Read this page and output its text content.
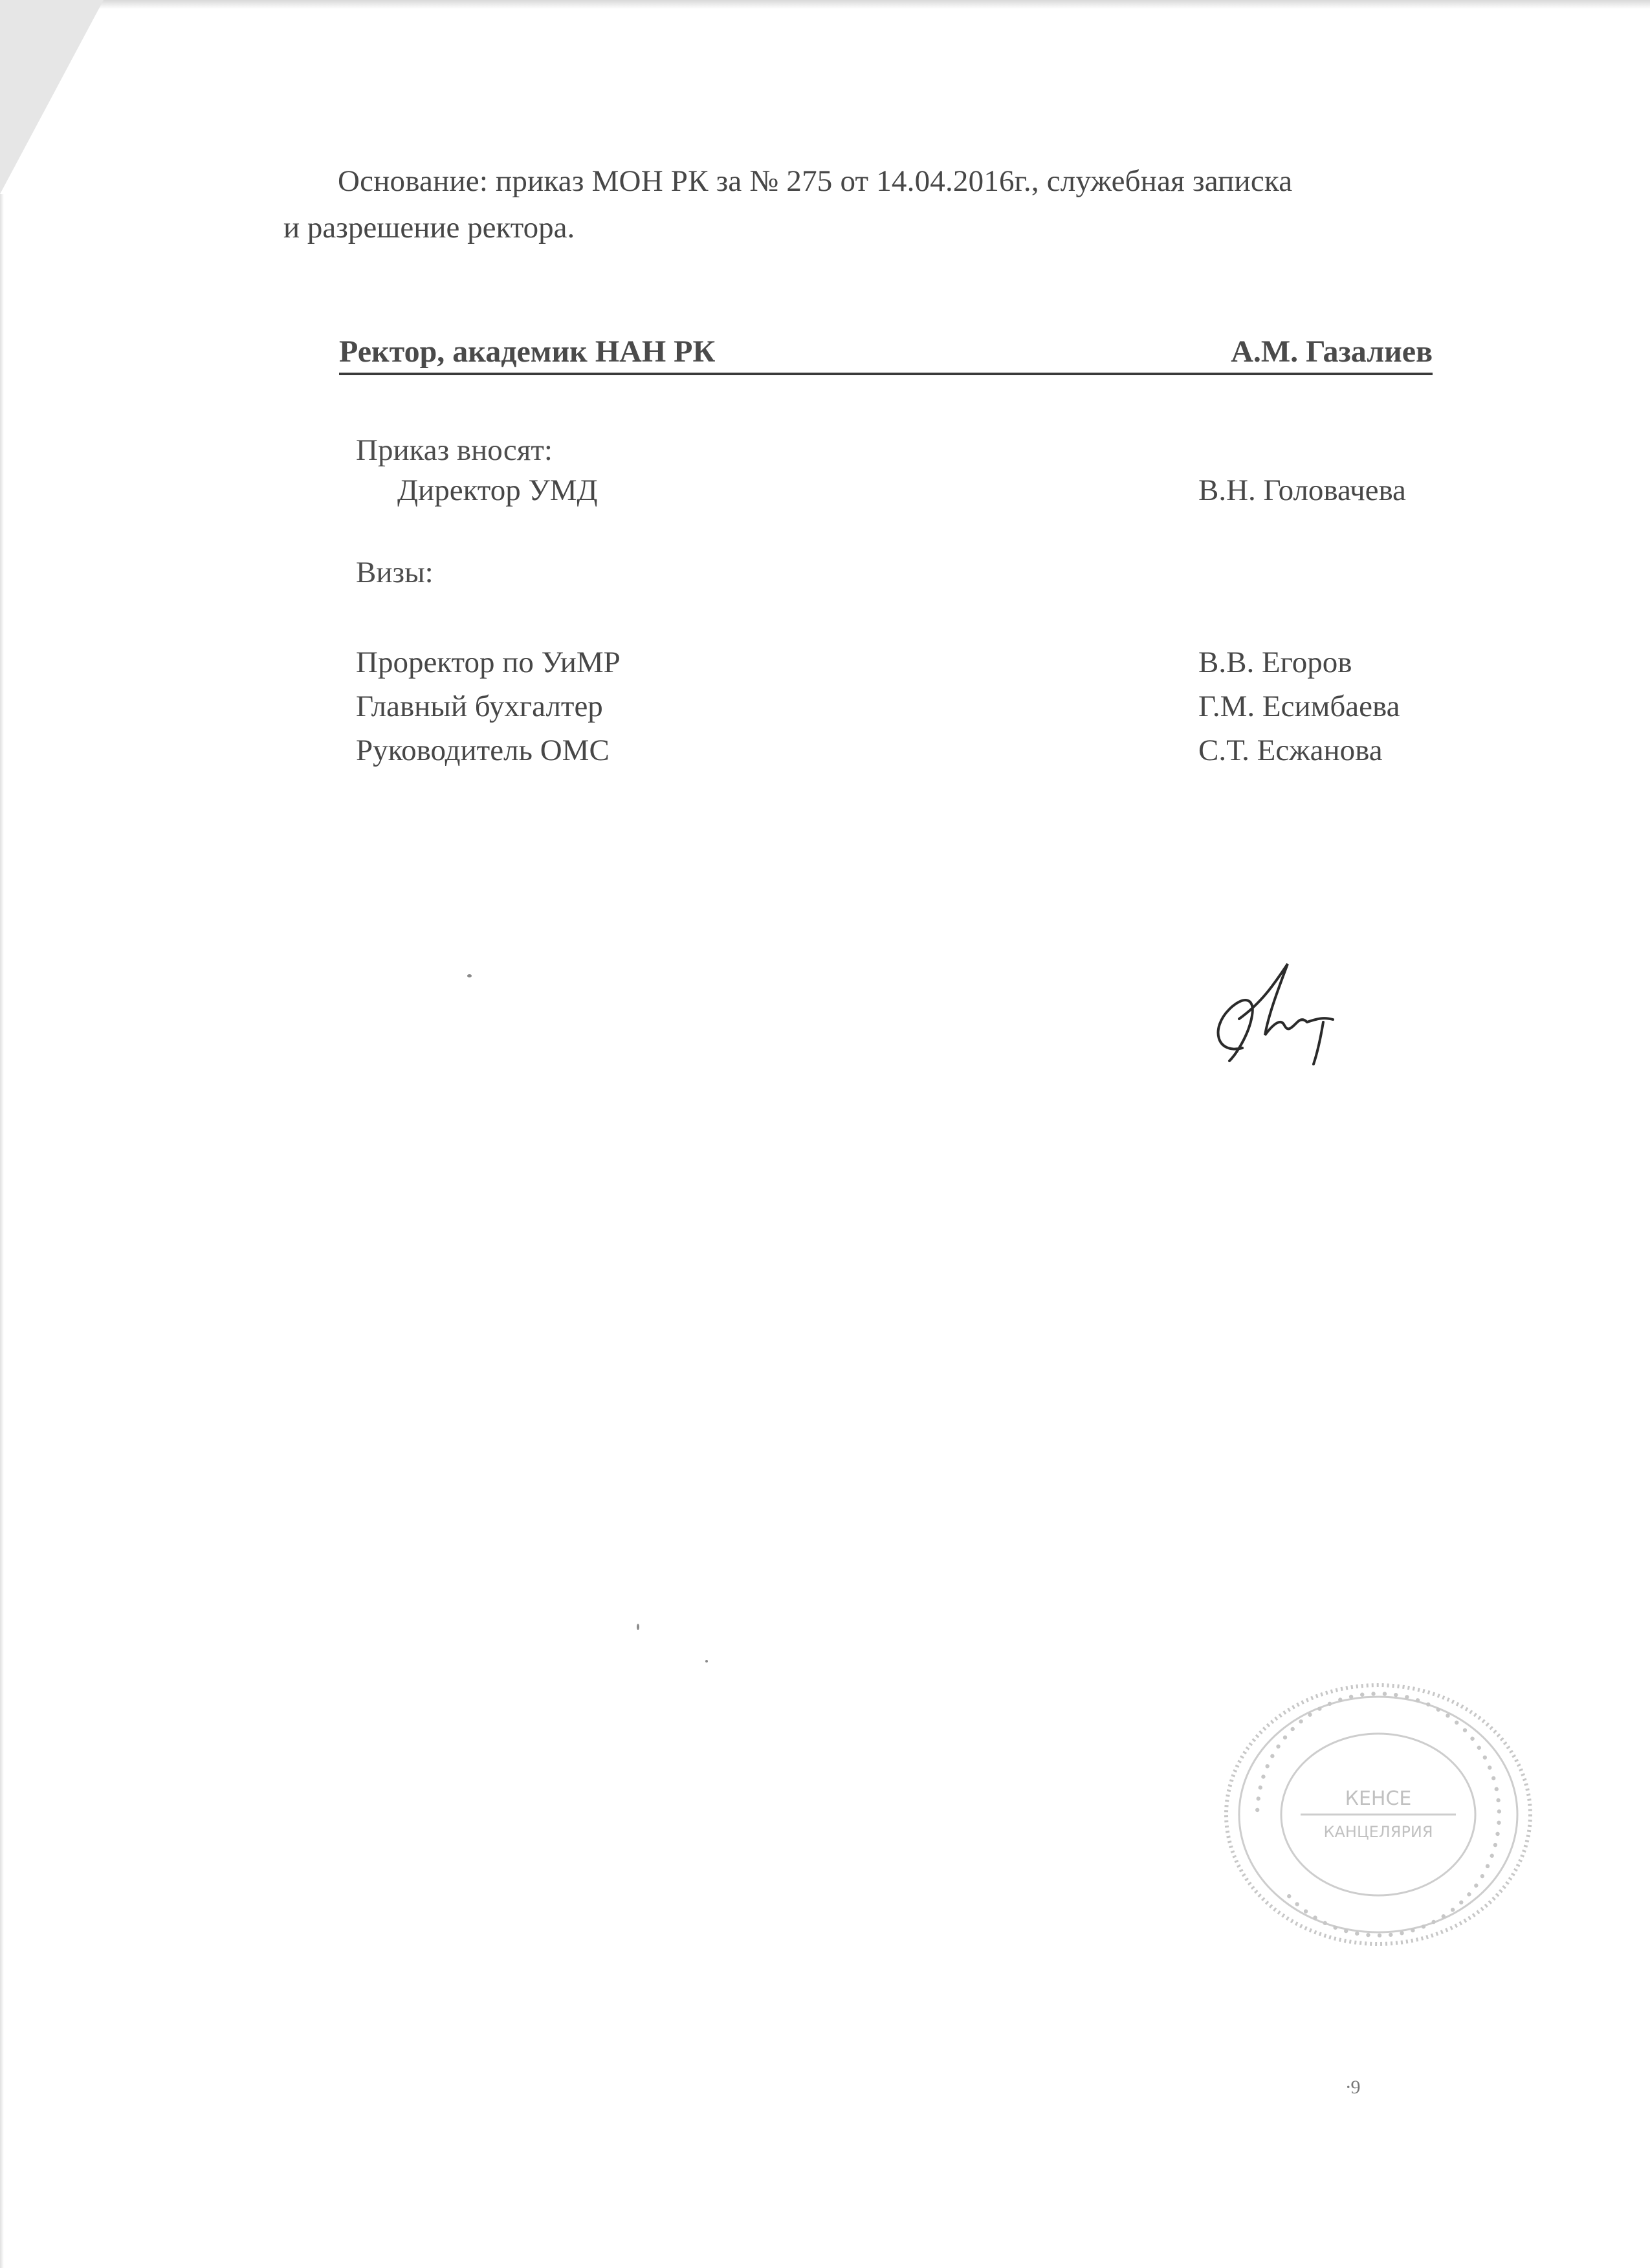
Основание: приказ МОН РК за № 275 от 14.04.2016г., служебная записка
и разрешение ректора.
Ректор, академик НАН РК	А.М. Газалиев
Приказ вносят:
Директор УМД	В.Н. Головачева
Визы:
Проректор по УиМР	В.В. Егоров
Главный бухгалтер	Г.М. Есимбаева
Руководитель ОМС	С.Т. Есжанова
∙∙∙∙∙∙∙∙∙∙∙∙∙∙∙∙∙∙∙∙∙∙∙∙∙∙∙∙∙∙∙∙∙∙∙∙∙∙∙∙∙∙∙∙∙∙∙∙∙∙∙∙∙∙∙∙∙∙∙∙
КЕНСЕ
КАНЦЕЛЯРИЯ
∙9
